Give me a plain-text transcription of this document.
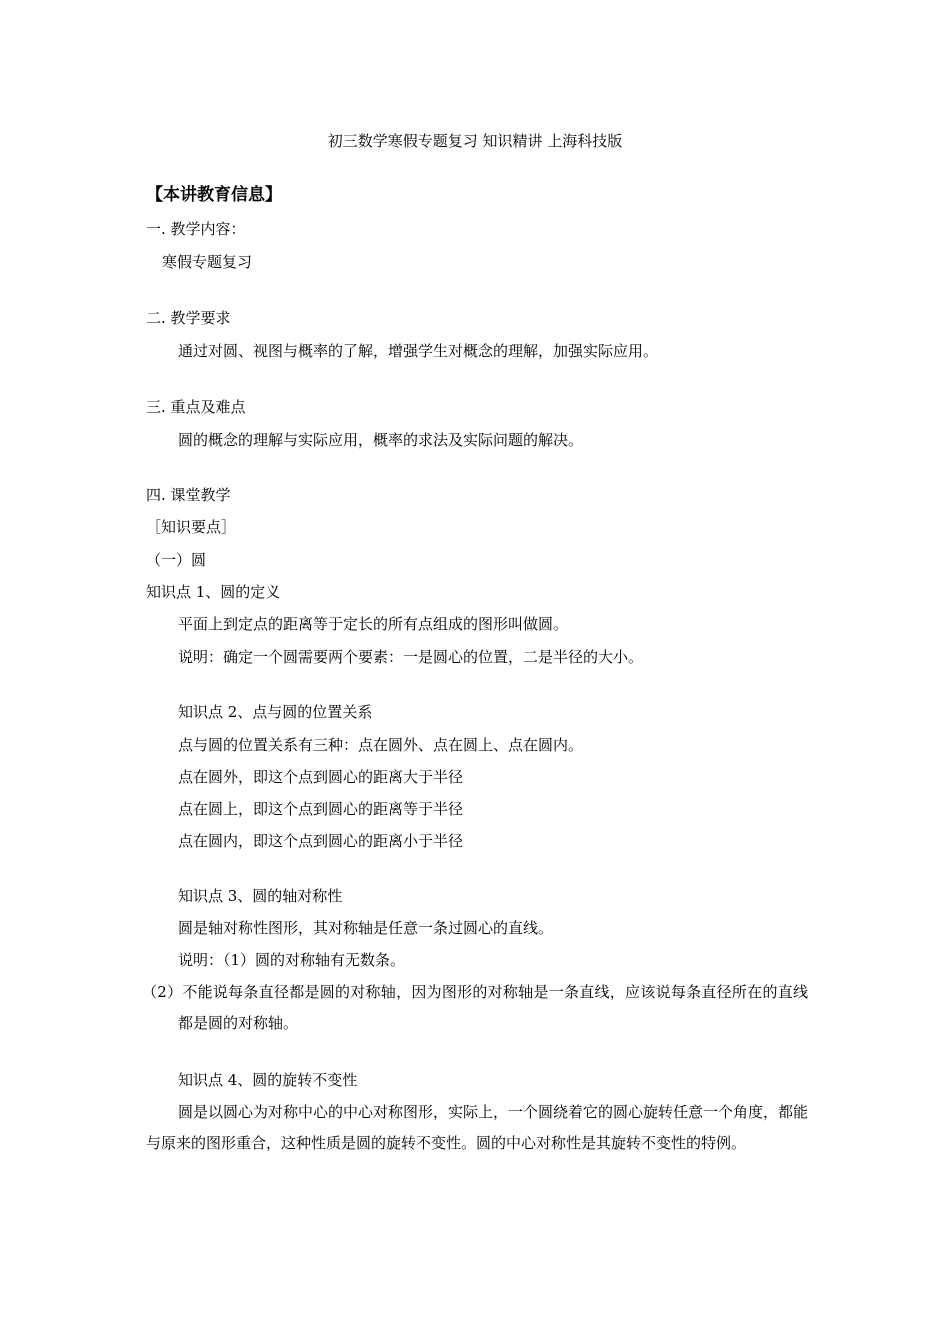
初三数学寒假专题复习 知识精讲 上海科技版
【本讲教育信息】
一. 教学内容：
寒假专题复习
二. 教学要求
通过对圆、视图与概率的了解，增强学生对概念的理解，加强实际应用。
三. 重点及难点
圆的概念的理解与实际应用，概率的求法及实际问题的解决。
四. 课堂教学
［知识要点］
（一）圆
知识点 1、圆的定义
平面上到定点的距离等于定长的所有点组成的图形叫做圆。
说明：确定一个圆需要两个要素：一是圆心的位置，二是半径的大小。
知识点 2、点与圆的位置关系
点与圆的位置关系有三种：点在圆外、点在圆上、点在圆内。
点在圆外，即这个点到圆心的距离大于半径
点在圆上，即这个点到圆心的距离等于半径
点在圆内，即这个点到圆心的距离小于半径
知识点 3、圆的轴对称性
圆是轴对称性图形，其对称轴是任意一条过圆心的直线。
说明：（1）圆的对称轴有无数条。
（2）不能说每条直径都是圆的对称轴，因为图形的对称轴是一条直线，应该说每条直径所在的直线都是圆的对称轴。
知识点 4、圆的旋转不变性
圆是以圆心为对称中心的中心对称图形，实际上，一个圆绕着它的圆心旋转任意一个角度，都能与原来的图形重合，这种性质是圆的旋转不变性。圆的中心对称性是其旋转不变性的特例。
